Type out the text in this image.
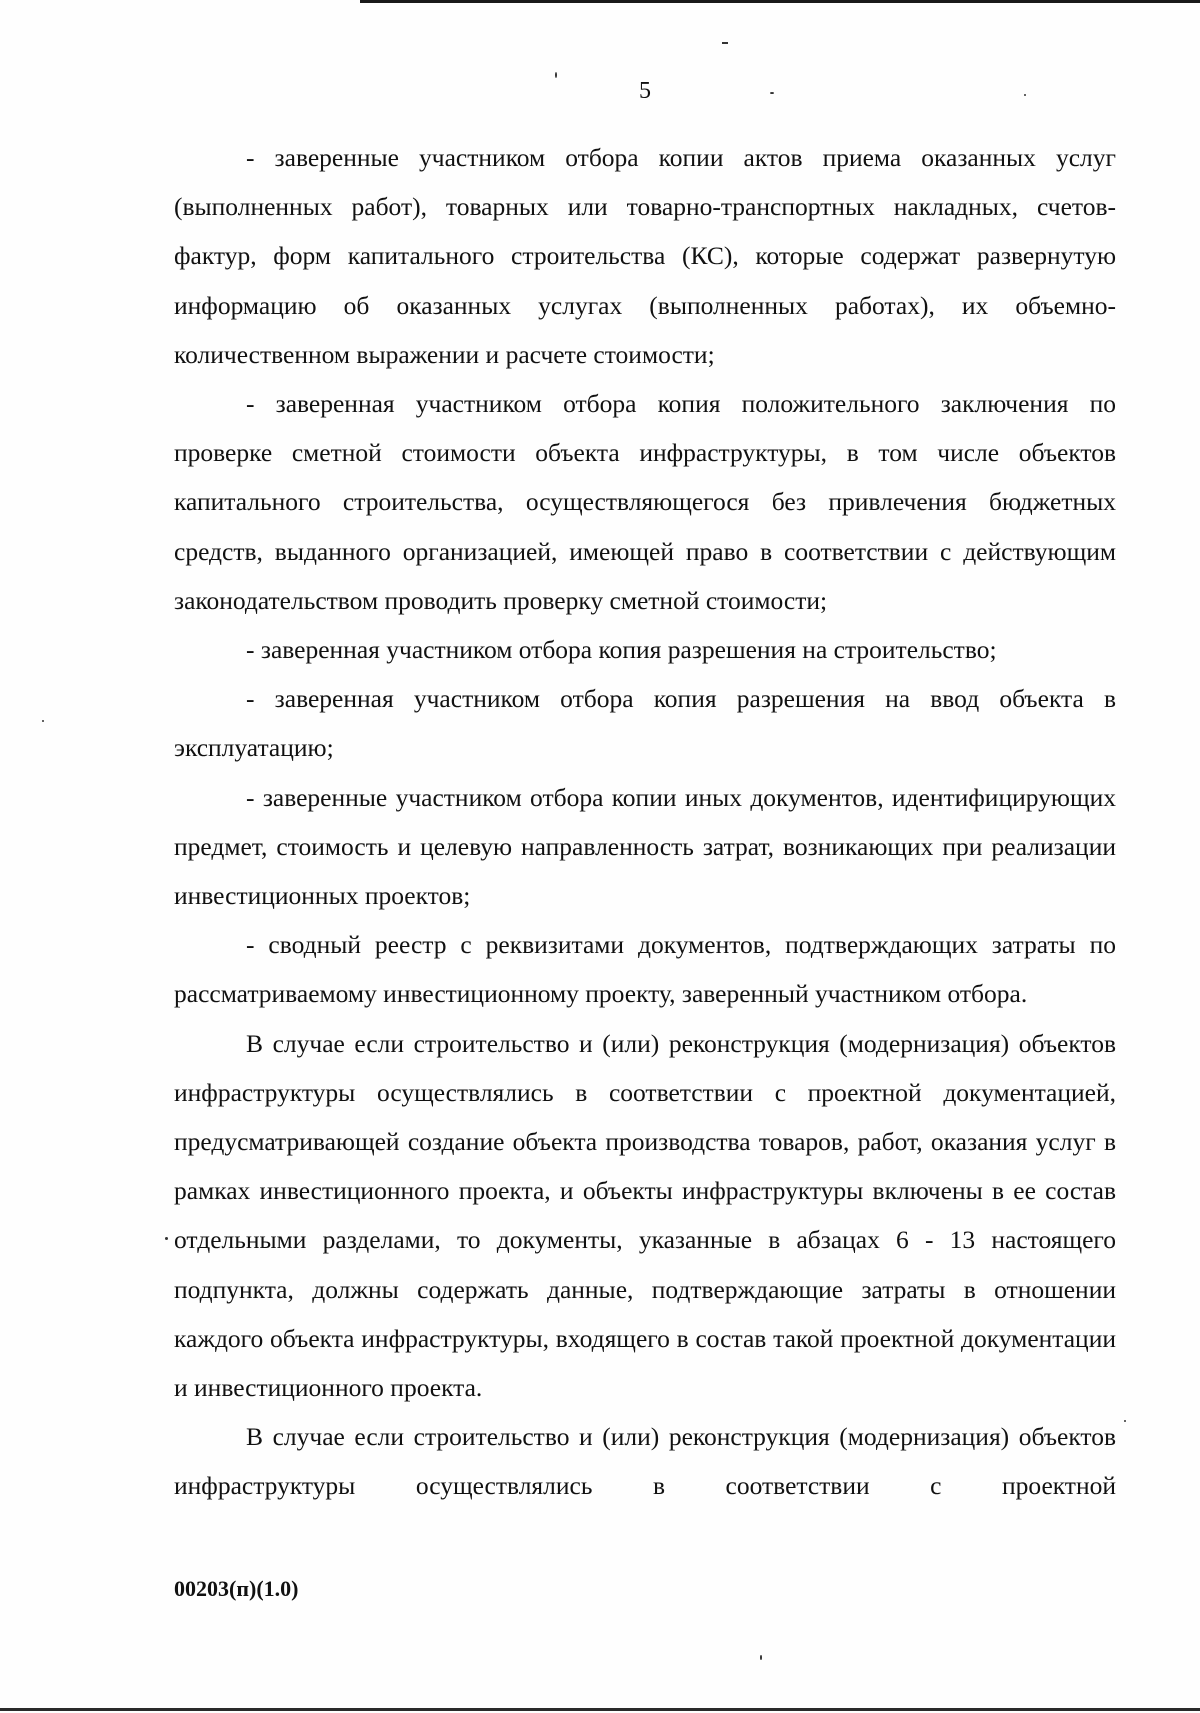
5

- заверенные участником отбора копии актов приема оказанных услуг (выполненных работ), товарных или товарно-транспортных накладных, счетов-фактур, форм капитального строительства (КС), которые содержат развернутую информацию об оказанных услугах (выполненных работах), их объемно-количественном выражении и расчете стоимости;

- заверенная участником отбора копия положительного заключения по проверке сметной стоимости объекта инфраструктуры, в том числе объектов капитального строительства, осуществляющегося без привлечения бюджетных средств, выданного организацией, имеющей право в соответствии с действующим законодательством проводить проверку сметной стоимости;

- заверенная участником отбора копия разрешения на строительство;

- заверенная участником отбора копия разрешения на ввод объекта в эксплуатацию;

- заверенные участником отбора копии иных документов, идентифицирующих предмет, стоимость и целевую направленность затрат, возникающих при реализации инвестиционных проектов;

- сводный реестр с реквизитами документов, подтверждающих затраты по рассматриваемому инвестиционному проекту, заверенный участником отбора.

В случае если строительство и (или) реконструкция (модернизация) объектов инфраструктуры осуществлялись в соответствии с проектной документацией, предусматривающей создание объекта производства товаров, работ, оказания услуг в рамках инвестиционного проекта, и объекты инфраструктуры включены в ее состав отдельными разделами, то документы, указанные в абзацах 6 - 13 настоящего подпункта, должны содержать данные, подтверждающие затраты в отношении каждого объекта инфраструктуры, входящего в состав такой проектной документации и инвестиционного проекта.

В случае если строительство и (или) реконструкция (модернизация) объектов инфраструктуры осуществлялись в соответствии с проектной

00203(п)(1.0)
